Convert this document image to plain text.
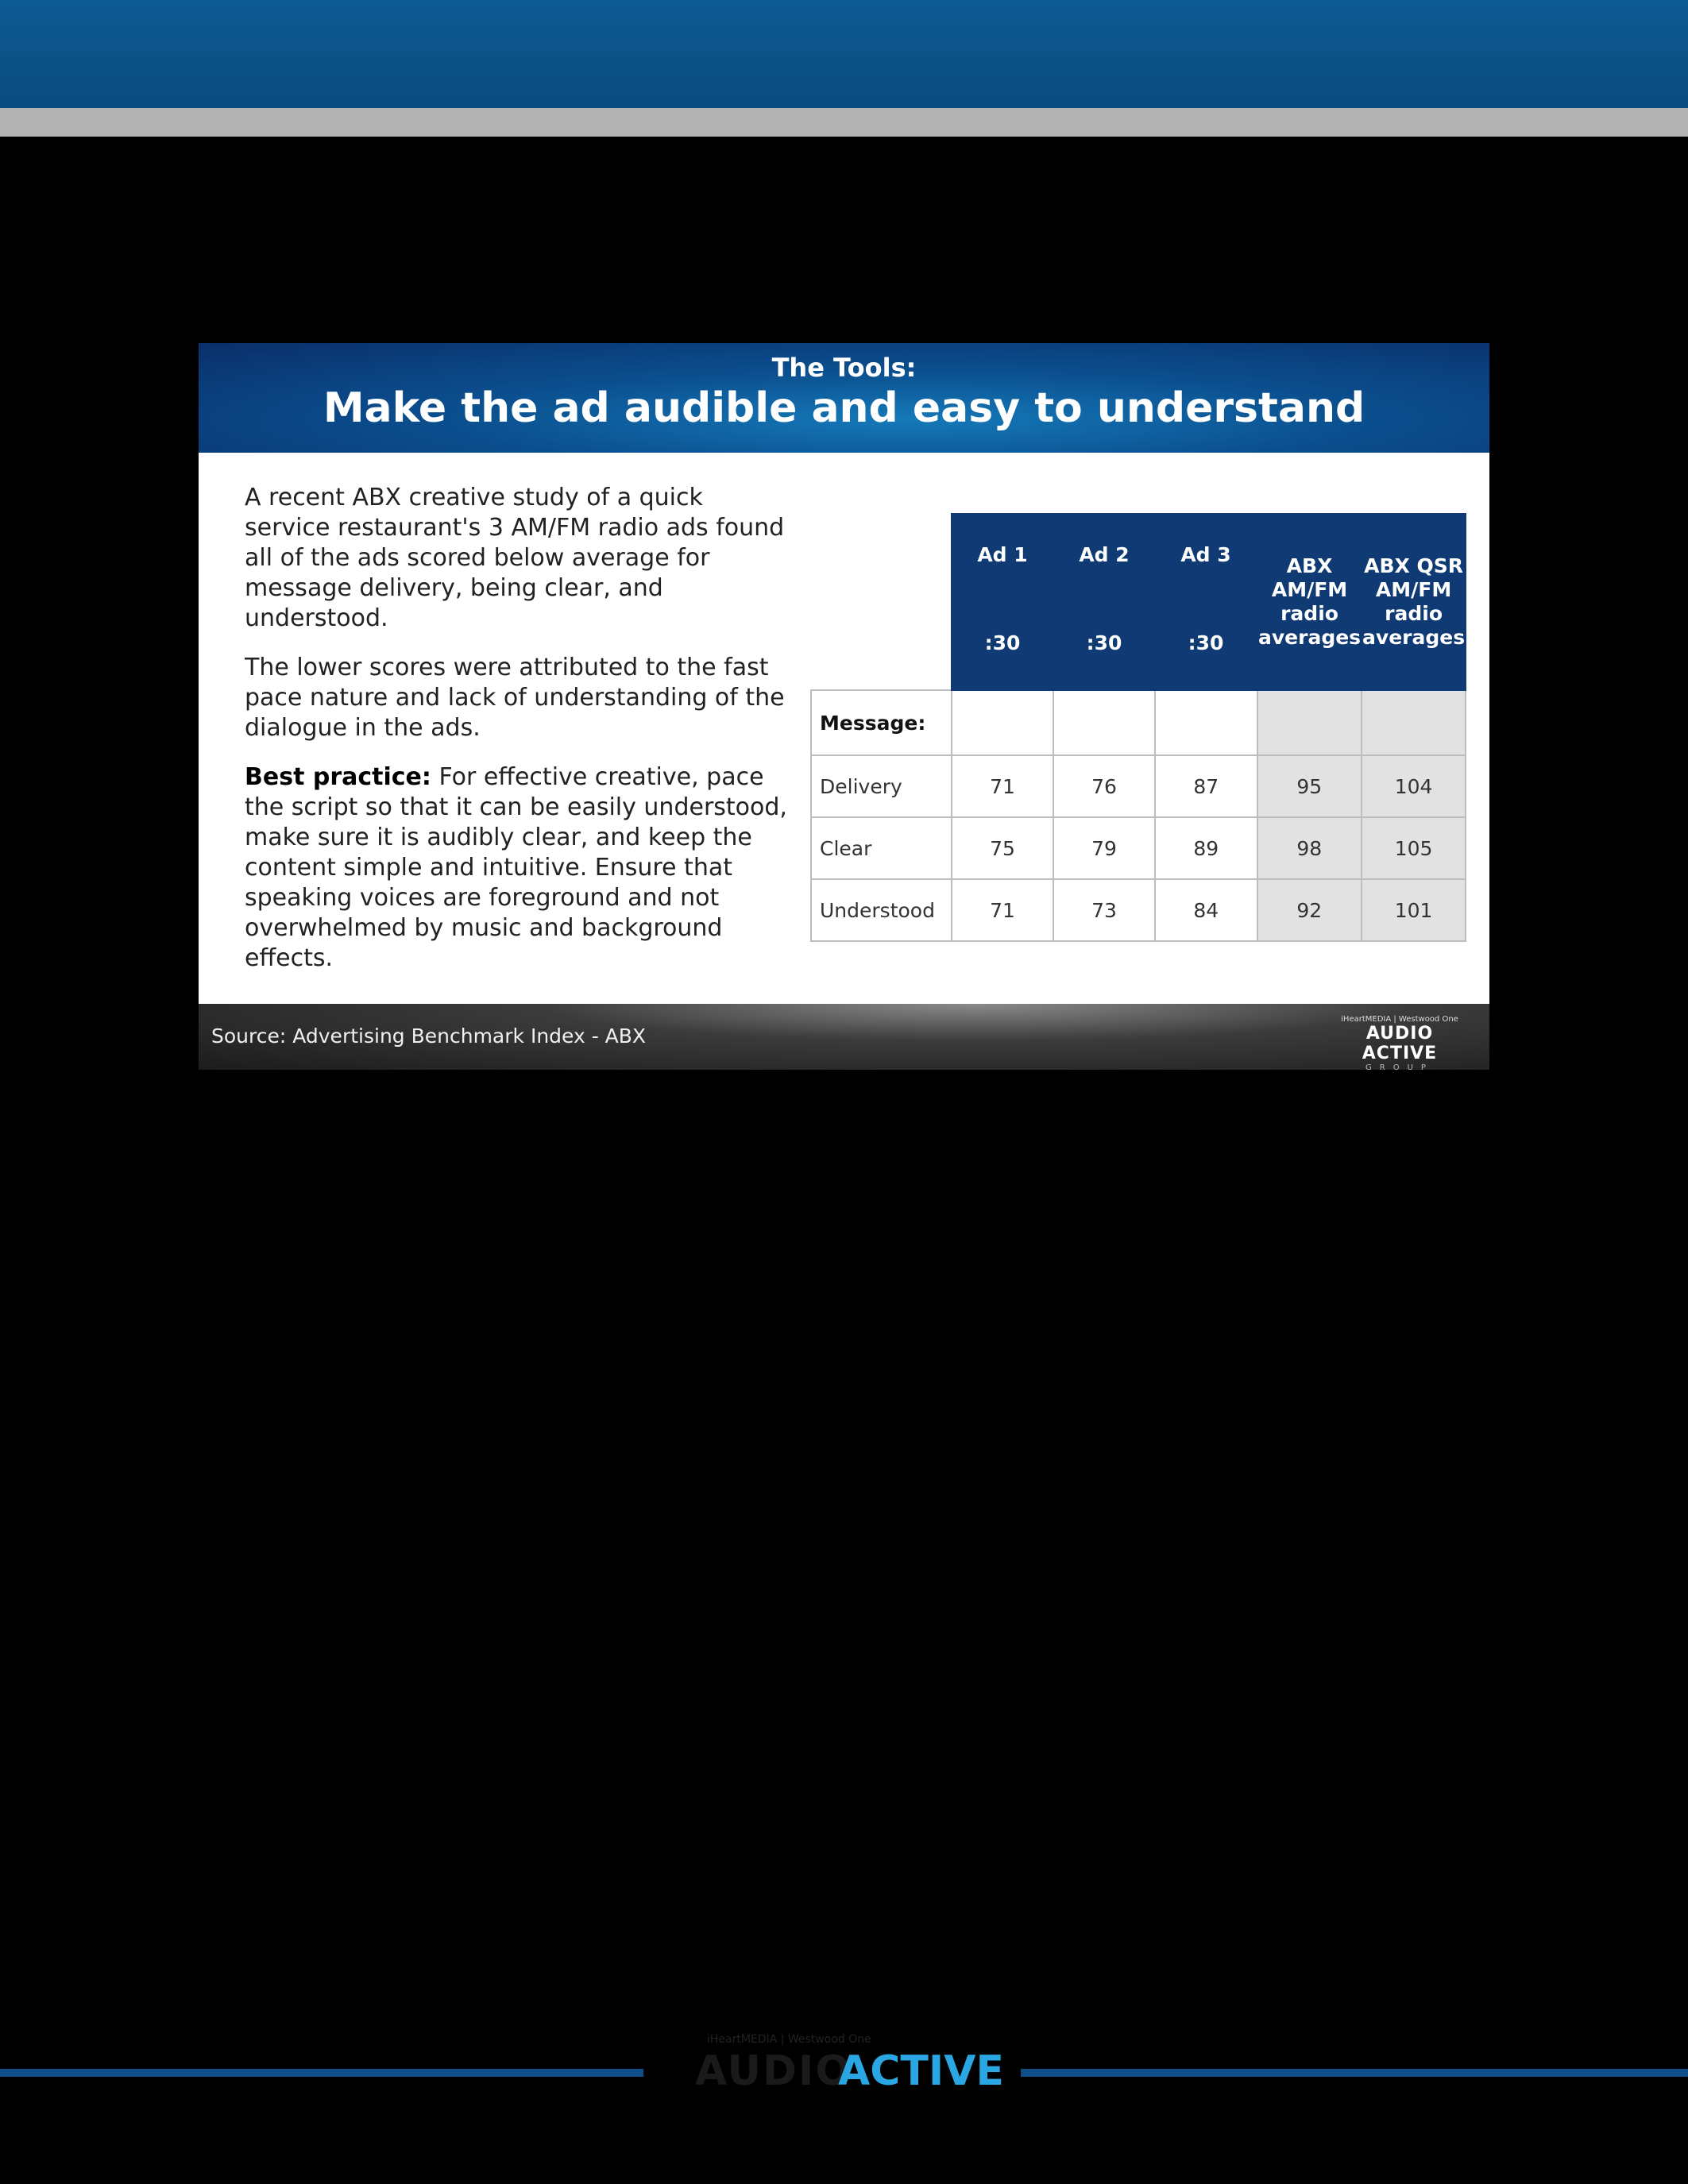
The Tools:
Make the ad audible and easy to understand

A recent ABX creative study of a quick service restaurant's 3 AM/FM radio ads found all of the ads scored below average for message delivery, being clear, and understood.

The lower scores were attributed to the fast pace nature and lack of understanding of the dialogue in the ads.

Best practice: For effective creative, pace the script so that it can be easily understood, make sure it is audibly clear, and keep the content simple and intuitive. Ensure that speaking voices are foreground and not overwhelmed by music and background effects.

	Ad 1	Ad 2	Ad 3	ABX AM/FM radio averages	ABX QSR AM/FM radio averages
	:30	:30	:30		
Message:					
Delivery	71	76	87	95	104
Clear	75	79	89	98	105
Understood	71	73	84	92	101
Source: Advertising Benchmark Index - ABX
iHeartMEDIA | Westwood One
AUDIO ACTIVE
GROUP
iHeartMEDIA | Westwood One
AUDIO
ACTIVE
